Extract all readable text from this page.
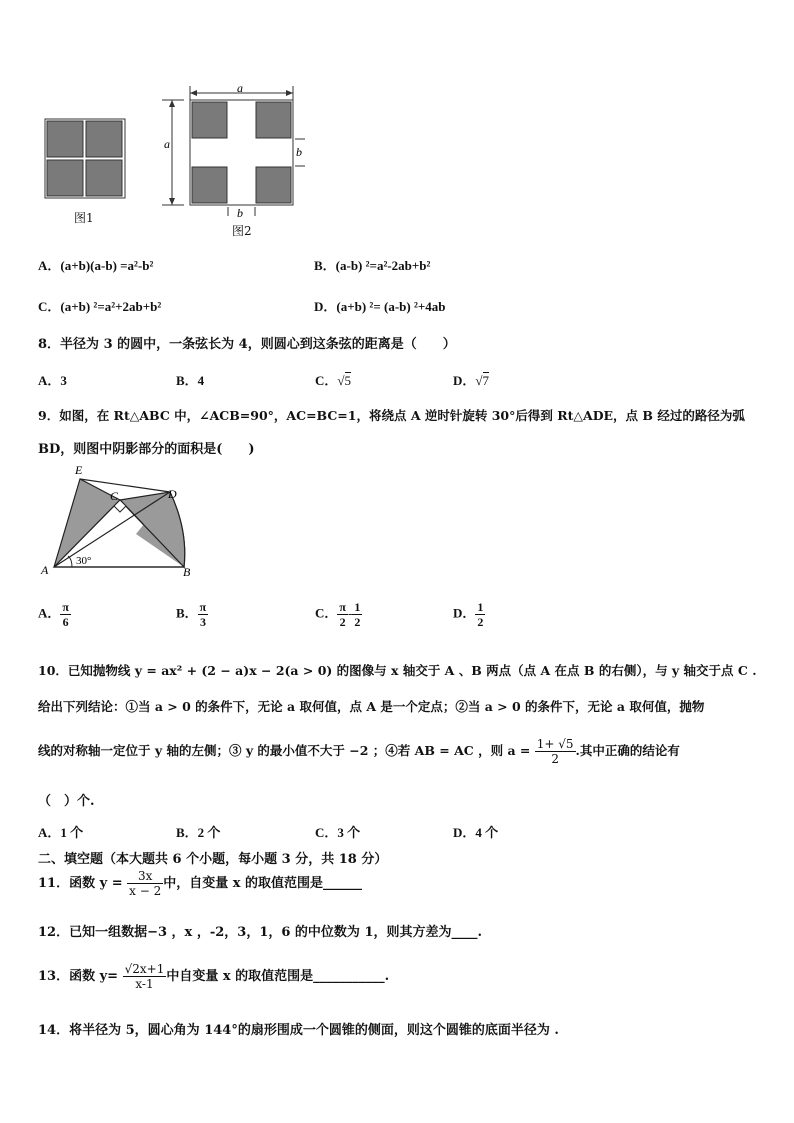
图1
a
a
b
b
图2
A．(a+b)(a-b) =a²-b²	B．(a-b) ²=a²-2ab+b²
C．(a+b) ²=a²+2ab+b²	D．(a+b) ²= (a-b) ²+4ab
8．半径为 3 的圆中，一条弦长为 4，则圆心到这条弦的距离是（　　）
A．3	B．4	C．√5	D．√7
9．如图，在 Rt△ABC 中，∠ACB=90°，AC=BC=1，将绕点 A 逆时针旋转 30°后得到 Rt△ADE，点 B 经过的路径为弧
BD，则图中阴影部分的面积是(　　)
E
C	D
A	B
30°
A． $\frac{\pi}{6}$	B． $\frac{\pi}{3}$	C． $\frac{\pi}{2} - \frac{1}{2}$	D． $\frac{1}{2}$
10．已知抛物线 y = ax² + (2 − a)x − 2(a > 0) 的图像与 x 轴交于 A 、B 两点（点 A 在点 B 的右侧），与 y 轴交于点 C .
给出下列结论：①当 a > 0 的条件下，无论 a 取何值，点 A 是一个定点；②当 a > 0 的条件下，无论 a 取何值，抛物
线的对称轴一定位于 y 轴的左侧；③ y 的最小值不大于 −2 ；④若 AB = AC ，则 $a = \frac{1+ √5}{2}$ .其中正确的结论有
（　）个.
A．1 个	B．2 个	C．3 个	D．4 个
二、填空题（本大题共 6 个小题，每小题 3 分，共 18 分）
11．函数 $y = \frac{3x}{x - 2}$ 中，自变量 x 的取值范围是______
12．已知一组数据−3 ，x ，-2，3，1，6 的中位数为 1，则其方差为____.
13．函数 $y= \frac{√2x+1}{x-1}$ 中自变量 x 的取值范围是___________.
14．将半径为 5，圆心角为 144°的扇形围成一个圆锥的侧面，则这个圆锥的底面半径为 .
